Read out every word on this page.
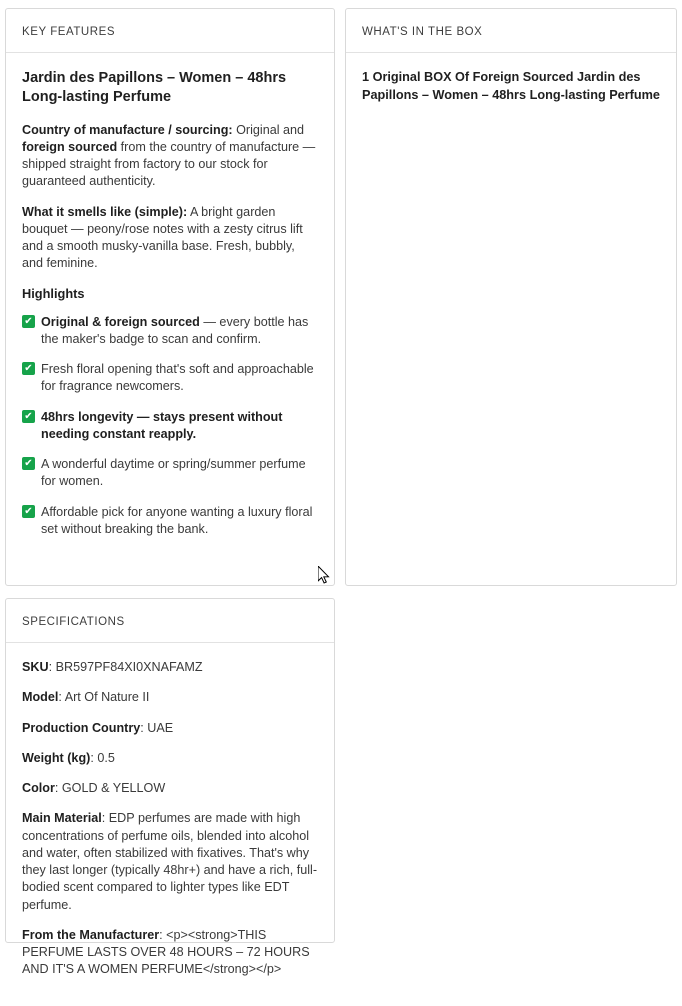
KEY FEATURES
Jardin des Papillons – Women – 48hrs Long-lasting Perfume

Country of manufacture / sourcing: Original and foreign sourced from the country of manufacture — shipped straight from factory to our stock for guaranteed authenticity.

What it smells like (simple): A bright garden bouquet — peony/rose notes with a zesty citrus lift and a smooth musky-vanilla base. Fresh, bubbly, and feminine.

Highlights

✔ Original & foreign sourced — every bottle has the maker's badge to scan and confirm.
✔ Fresh floral opening that's soft and approachable for fragrance newcomers.
✔ 48hrs longevity — stays present without needing constant reapply.
✔ A wonderful daytime or spring/summer perfume for women.
✔ Affordable pick for anyone wanting a luxury floral set without breaking the bank.
WHAT'S IN THE BOX

1 Original BOX Of Foreign Sourced Jardin des Papillons – Women – 48hrs Long-lasting Perfume

SPECIFICATIONS

SKU: BR597PF84XI0XNAFAMZ

Model: Art Of Nature II

Production Country: UAE

Weight (kg): 0.5

Color: GOLD & YELLOW

Main Material: EDP perfumes are made with high concentrations of perfume oils, blended into alcohol and water, often stabilized with fixatives. That's why they last longer (typically 48hr+) and have a rich, full-bodied scent compared to lighter types like EDT perfume.

From the Manufacturer: <p><strong>THIS PERFUME LASTS OVER 48 HOURS – 72 HOURS AND IT'S A WOMEN PERFUME</strong></p>
